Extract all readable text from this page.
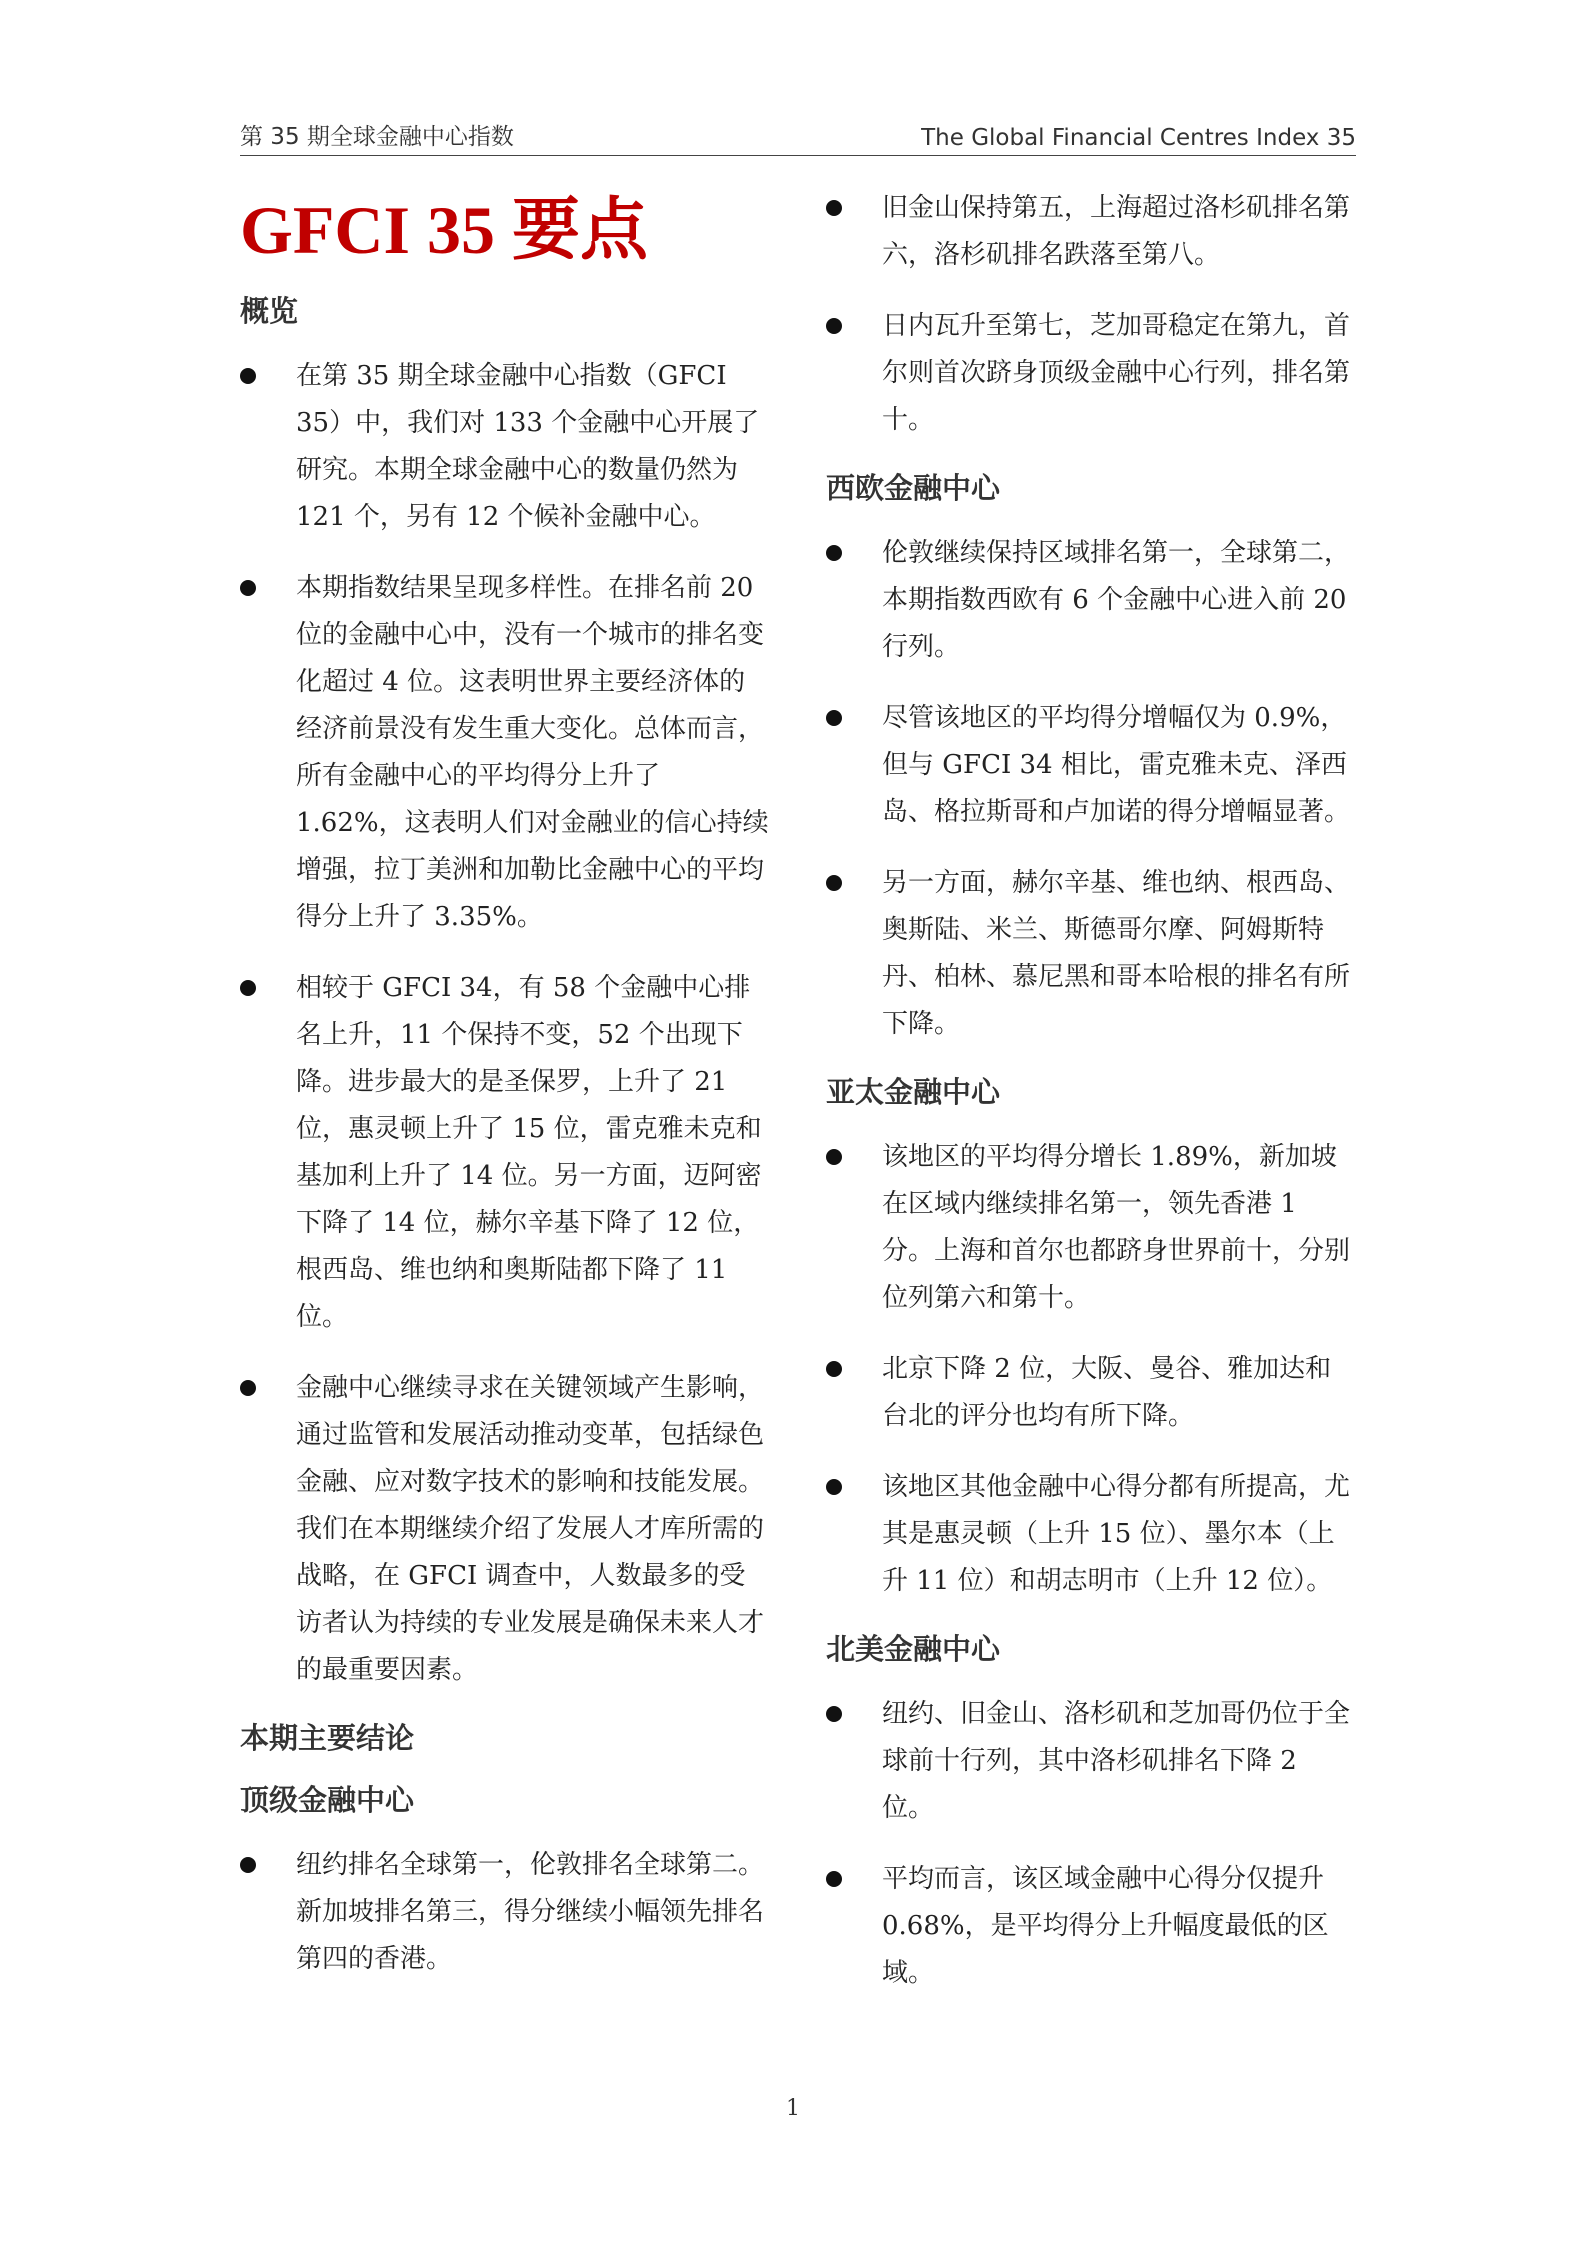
第 35 期全球金融中心指数	The Global Financial Centres Index 35
GFCI 35 要点
概览
在第 35 期全球金融中心指数（GFCI 35）中，我们对 133 个金融中心开展了研究。本期全球金融中心的数量仍然为 121 个，另有 12 个候补金融中心。
本期指数结果呈现多样性。在排名前 20 位的金融中心中，没有一个城市的排名变化超过 4 位。这表明世界主要经济体的经济前景没有发生重大变化。总体而言，所有金融中心的平均得分上升了 1.62%，这表明人们对金融业的信心持续增强，拉丁美洲和加勒比金融中心的平均得分上升了 3.35%。
相较于 GFCI 34，有 58 个金融中心排名上升，11 个保持不变，52 个出现下降。进步最大的是圣保罗，上升了 21 位，惠灵顿上升了 15 位，雷克雅未克和基加利上升了 14 位。另一方面，迈阿密下降了 14 位，赫尔辛基下降了 12 位，根西岛、维也纳和奥斯陆都下降了 11 位。
金融中心继续寻求在关键领域产生影响，通过监管和发展活动推动变革，包括绿色金融、应对数字技术的影响和技能发展。我们在本期继续介绍了发展人才库所需的战略，在 GFCI 调查中，人数最多的受访者认为持续的专业发展是确保未来人才的最重要因素。
本期主要结论
顶级金融中心
纽约排名全球第一，伦敦排名全球第二。新加坡排名第三，得分继续小幅领先排名第四的香港。
旧金山保持第五，上海超过洛杉矶排名第六，洛杉矶排名跌落至第八。
日内瓦升至第七，芝加哥稳定在第九，首尔则首次跻身顶级金融中心行列，排名第十。
西欧金融中心
伦敦继续保持区域排名第一，全球第二，本期指数西欧有 6 个金融中心进入前 20 行列。
尽管该地区的平均得分增幅仅为 0.9%，但与 GFCI 34 相比，雷克雅未克、泽西岛、格拉斯哥和卢加诺的得分增幅显著。
另一方面，赫尔辛基、维也纳、根西岛、奥斯陆、米兰、斯德哥尔摩、阿姆斯特丹、柏林、慕尼黑和哥本哈根的排名有所下降。
亚太金融中心
该地区的平均得分增长 1.89%，新加坡在区域内继续排名第一，领先香港 1 分。上海和首尔也都跻身世界前十，分别位列第六和第十。
北京下降 2 位，大阪、曼谷、雅加达和台北的评分也均有所下降。
该地区其他金融中心得分都有所提高，尤其是惠灵顿（上升 15 位）、墨尔本（上升 11 位）和胡志明市（上升 12 位）。
北美金融中心
纽约、旧金山、洛杉矶和芝加哥仍位于全球前十行列，其中洛杉矶排名下降 2 位。
平均而言，该区域金融中心得分仅提升 0.68%，是平均得分上升幅度最低的区域。
1
